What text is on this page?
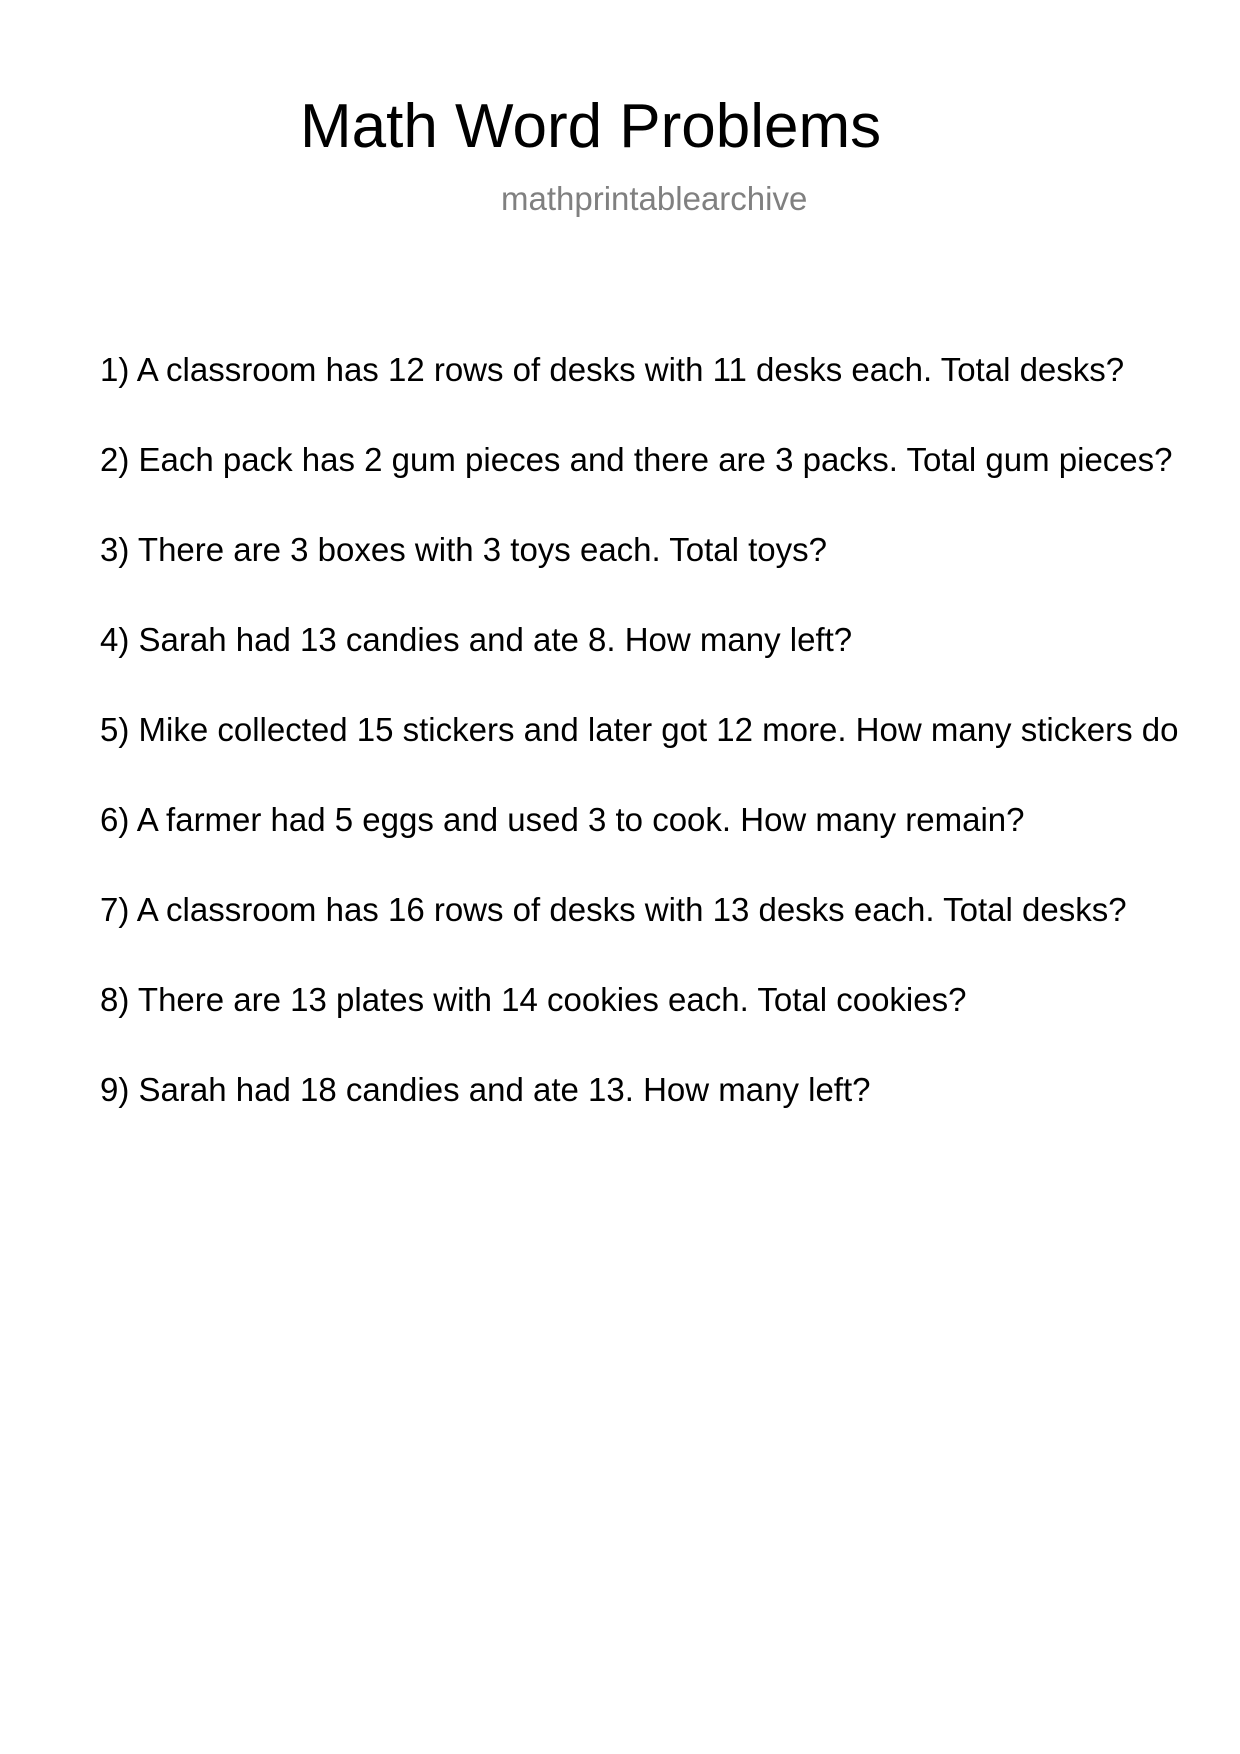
Math Word Problems
mathprintablearchive
1) A classroom has 12 rows of desks with 11 desks each. Total desks?
2) Each pack has 2 gum pieces and there are 3 packs. Total gum pieces?
3) There are 3 boxes with 3 toys each. Total toys?
4) Sarah had 13 candies and ate 8. How many left?
5) Mike collected 15 stickers and later got 12 more. How many stickers do
6) A farmer had 5 eggs and used 3 to cook. How many remain?
7) A classroom has 16 rows of desks with 13 desks each. Total desks?
8) There are 13 plates with 14 cookies each. Total cookies?
9) Sarah had 18 candies and ate 13. How many left?
